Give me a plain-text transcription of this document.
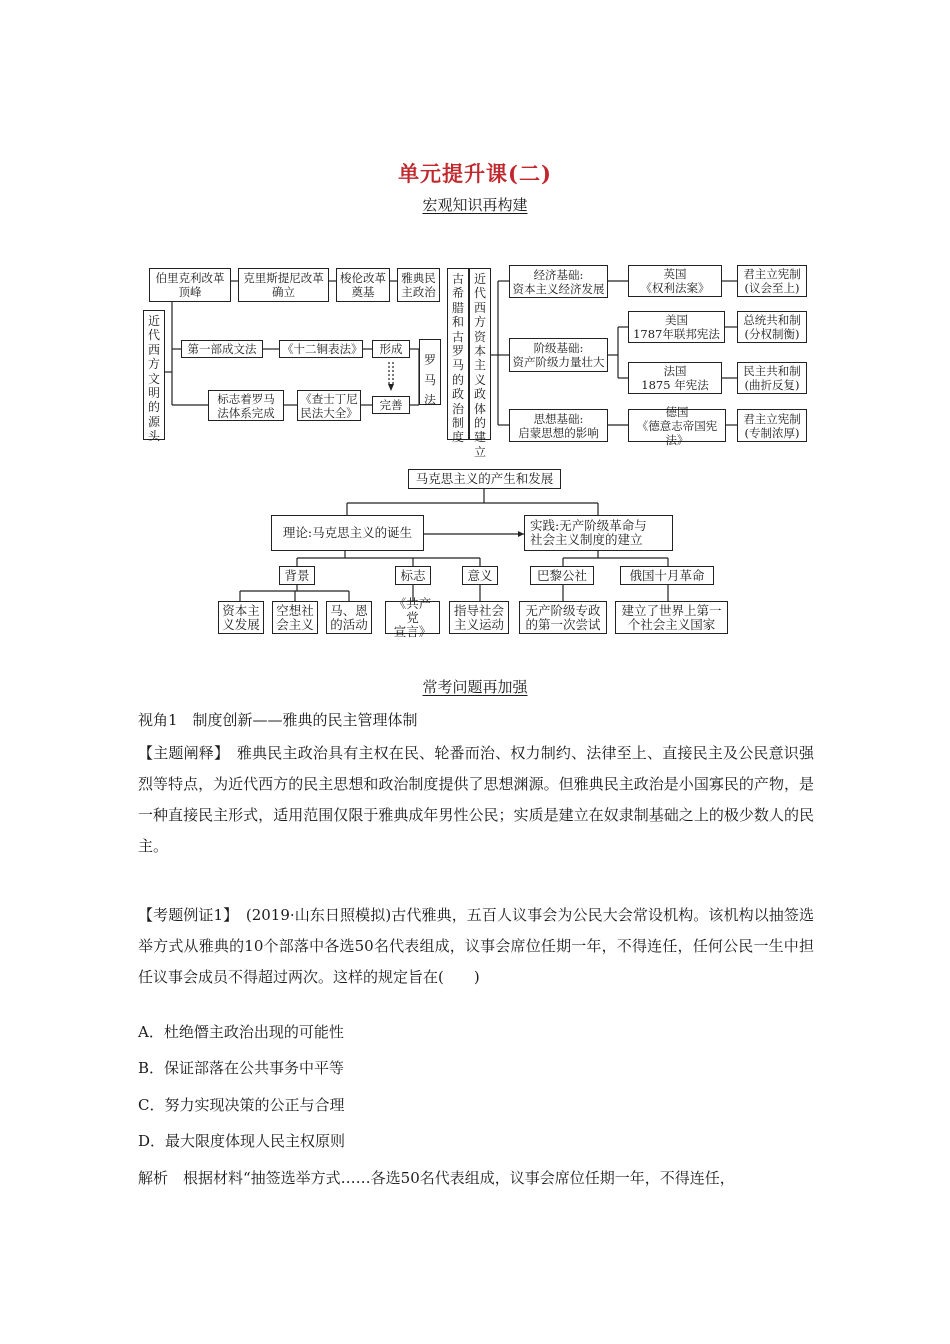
单元提升课(二)
宏观知识再构建
伯里克利改革
顶峰
克里斯提尼改革
确立
梭伦改革
奠基
雅典民
主政治
近代西方文明的源头
第一部成文法	《十二铜表法》	形成
完善
罗马法
标志着罗马
法体系完成
《查士丁尼
民法大全》
古希腊和古罗马的政治制度
近代西方资本主义政体的建立
经济基础:
资本主义经济发展
阶级基础:
资产阶级力量壮大
思想基础:
启蒙思想的影响
英国
《权利法案》
美国
1787年联邦宪法
法国
1875 年宪法
德国
《德意志帝国宪法》
君主立宪制
(议会至上)
总统共和制
(分权制衡)
民主共和制
(曲折反复)
君主立宪制
(专制浓厚)
马克思主义的产生和发展
理论:马克思主义的诞生	实践:无产阶级革命与
社会主义制度的建立
背景	标志	意义	巴黎公社	俄国十月革命
资本主
义发展
空想社
会主义
马、恩
的活动
《共产党
宣言》
指导社会
主义运动
无产阶级专政
的第一次尝试
建立了世界上第一
个社会主义国家
常考问题再加强
视角1　制度创新——雅典的民主管理体制
【主题阐释】　雅典民主政治具有主权在民、轮番而治、权力制约、法律至上、直接民主及公民意识强烈等特点，为近代西方的民主思想和政治制度提供了思想渊源。但雅典民主政治是小国寡民的产物，是一种直接民主形式，适用范围仅限于雅典成年男性公民；实质是建立在奴隶制基础之上的极少数人的民主。
【考题例证1】　(2019·山东日照模拟)古代雅典，五百人议事会为公民大会常设机构。该机构以抽签选举方式从雅典的10个部落中各选50名代表组成，议事会席位任期一年，不得连任，任何公民一生中担任议事会成员不得超过两次。这样的规定旨在(　　)
A．杜绝僭主政治出现的可能性
B．保证部落在公共事务中平等
C．努力实现决策的公正与合理
D．最大限度体现人民主权原则
解析　根据材料“抽签选举方式……各选50名代表组成，议事会席位任期一年，不得连任，
